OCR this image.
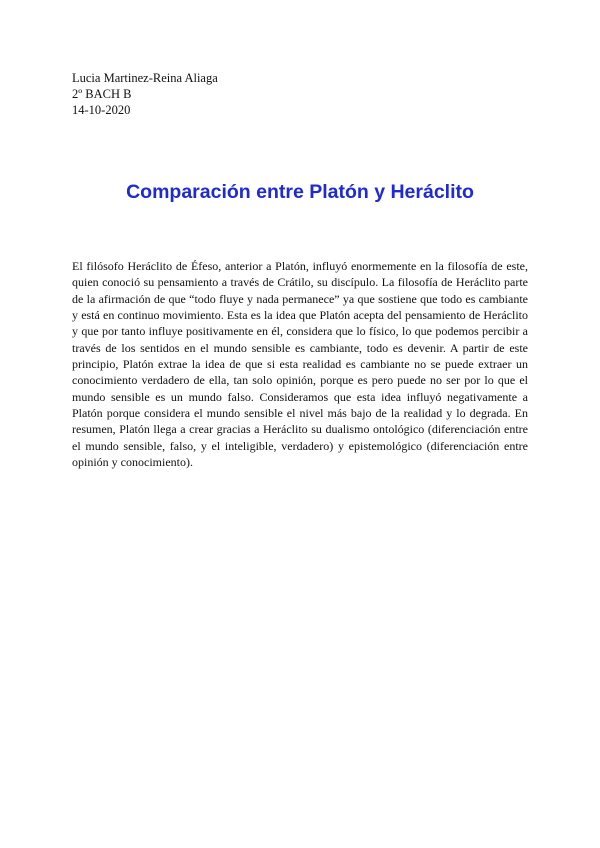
Lucia Martinez-Reina Aliaga
2º BACH B
14-10-2020
Comparación entre Platón y Heráclito

El filósofo Heráclito de Éfeso, anterior a Platón, influyó enormemente en la filosofía de este, quien conoció su pensamiento a través de Crátilo, su discípulo. La filosofía de Heráclito parte de la afirmación de que “todo fluye y nada permanece” ya que sostiene que todo es cambiante y está en continuo movimiento. Esta es la idea que Platón acepta del pensamiento de Heráclito y que por tanto influye positivamente en él, considera que lo físico, lo que podemos percibir a través de los sentidos en el mundo sensible es cambiante, todo es devenir. A partir de este principio, Platón extrae la idea de que si esta realidad es cambiante no se puede extraer un conocimiento verdadero de ella, tan solo opinión, porque es pero puede no ser por lo que el mundo sensible es un mundo falso. Consideramos que esta idea influyó negativamente a Platón porque considera el mundo sensible el nivel más bajo de la realidad y lo degrada. En resumen, Platón llega a crear gracias a Heráclito su dualismo ontológico (diferenciación entre el mundo sensible, falso, y el inteligible, verdadero) y epistemológico (diferenciación entre opinión y conocimiento).
